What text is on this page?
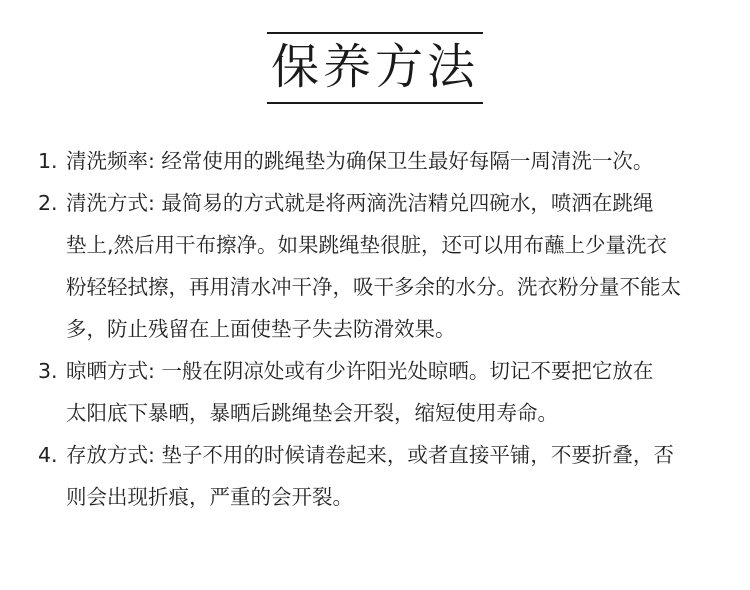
保养方法
1. 清洗频率: 经常使用的跳绳垫为确保卫生最好每隔一周清洗一次。
2. 清洗方式: 最简易的方式就是将两滴洗洁精兑四碗水，喷洒在跳绳
垫上,然后用干布擦净。如果跳绳垫很脏，还可以用布蘸上少量洗衣
粉轻轻拭擦，再用清水冲干净，吸干多余的水分。洗衣粉分量不能太
多，防止残留在上面使垫子失去防滑效果。
3. 晾晒方式: 一般在阴凉处或有少许阳光处晾晒。切记不要把它放在
太阳底下暴晒，暴晒后跳绳垫会开裂，缩短使用寿命。
4. 存放方式: 垫子不用的时候请卷起来，或者直接平铺，不要折叠，否
则会出现折痕，严重的会开裂。
